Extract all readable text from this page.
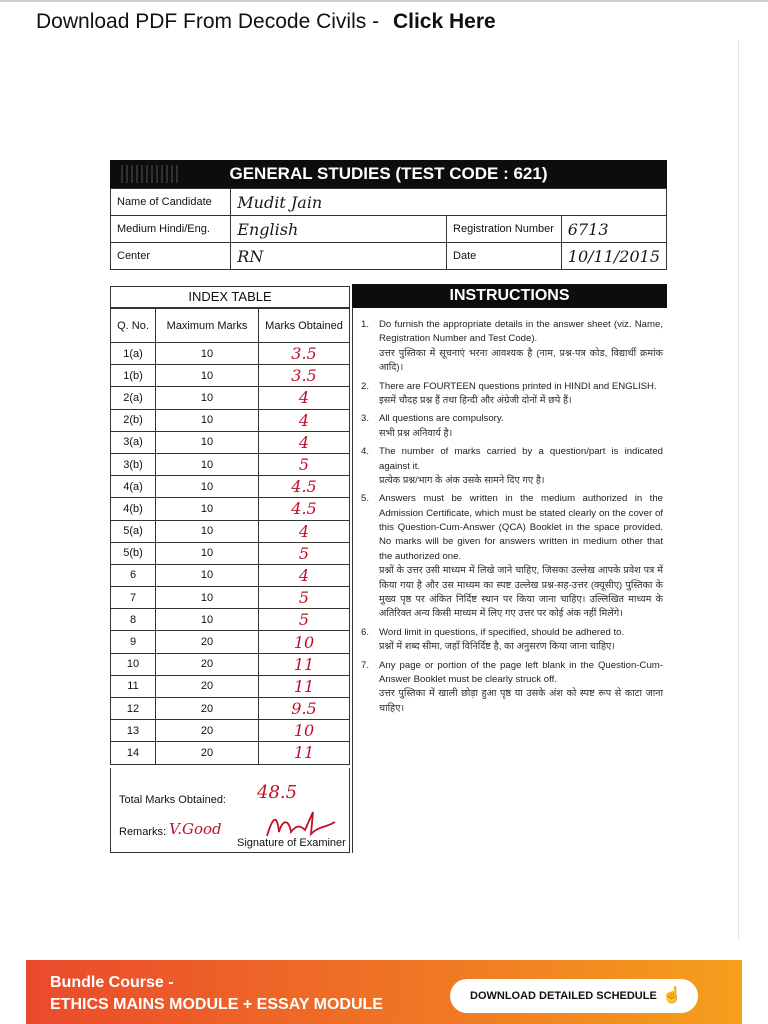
Download PDF From Decode Civils - Click Here
GENERAL STUDIES (TEST CODE : 621)
Name of Candidate	Mudit Jain		
Medium Hindi/Eng.	English	Registration Number	6713
Center	RN	Date	10/11/2015
INDEX TABLE
Q. No.	Maximum Marks	Marks Obtained
1(a)	10	3.5
1(b)	10	3.5
2(a)	10	4
2(b)	10	4
3(a)	10	4
3(b)	10	5
4(a)	10	4.5
4(b)	10	4.5
5(a)	10	4
5(b)	10	5
6	10	4
7	10	5
8	10	5
9	20	10
10	20	11
11	20	11
12	20	9.5
13	20	10
14	20	11
Total Marks Obtained: 48.5
Remarks: V.Good
Signature of Examiner
INSTRUCTIONS
1. Do furnish the appropriate details in the answer sheet (viz. Name, Registration Number and Test Code).
उत्तर पुस्तिका में सूचनाएं भरना आवश्यक है (नाम, प्रश्न-पत्र कोड, विद्यार्थी क्रमांक आदि)।
2. There are FOURTEEN questions printed in HINDI and ENGLISH.
इसमें चौदह प्रश्न हैं तथा हिन्दी और अंग्रेजी दोनों में छपे हैं।
3. All questions are compulsory.
सभी प्रश्न अनिवार्य है।
4. The number of marks carried by a question/part is indicated against it.
प्रत्येक प्रश्न/भाग के अंक उसके सामने दिए गए है।
5. Answers must be written in the medium authorized in the Admission Certificate, which must be stated clearly on the cover of this Question-Cum-Answer (QCA) Booklet in the space provided. No marks will be given for answers written in medium other that the authorized one.
प्रश्नों के उत्तर उसी माध्यम में लिखे जाने चाहिए, जिसका उल्लेख आपके प्रवेश पत्र में किया गया है और उस माध्यम का स्पष्ट उल्लेख प्रश्न-सह-उत्तर (क्यूसीए) पुस्तिका के मुख्य पृष्ठ पर अंकित निर्दिष्ट स्थान पर किया जाना चाहिए। उल्लिखित माध्यम के अतिरिक्त अन्य किसी माध्यम में लिए गए उत्तर पर कोई अंक नहीं मिलेंगे।
6. Word limit in questions, if specified, should be adhered to.
प्रश्नों में शब्द सीमा, जहाँ विनिर्दिष्ट है, का अनुसरण किया जाना चाहिए।
7. Any page or portion of the page left blank in the Question-Cum-Answer Booklet must be clearly struck off.
उत्तर पुस्तिका में खाली छोड़ा हुआ पृष्ठ या उसके अंश को स्पष्ट रूप से काटा जाना चाहिए।
Bundle Course -
ETHICS MAINS MODULE + ESSAY MODULE	DOWNLOAD DETAILED SCHEDULE ☝
